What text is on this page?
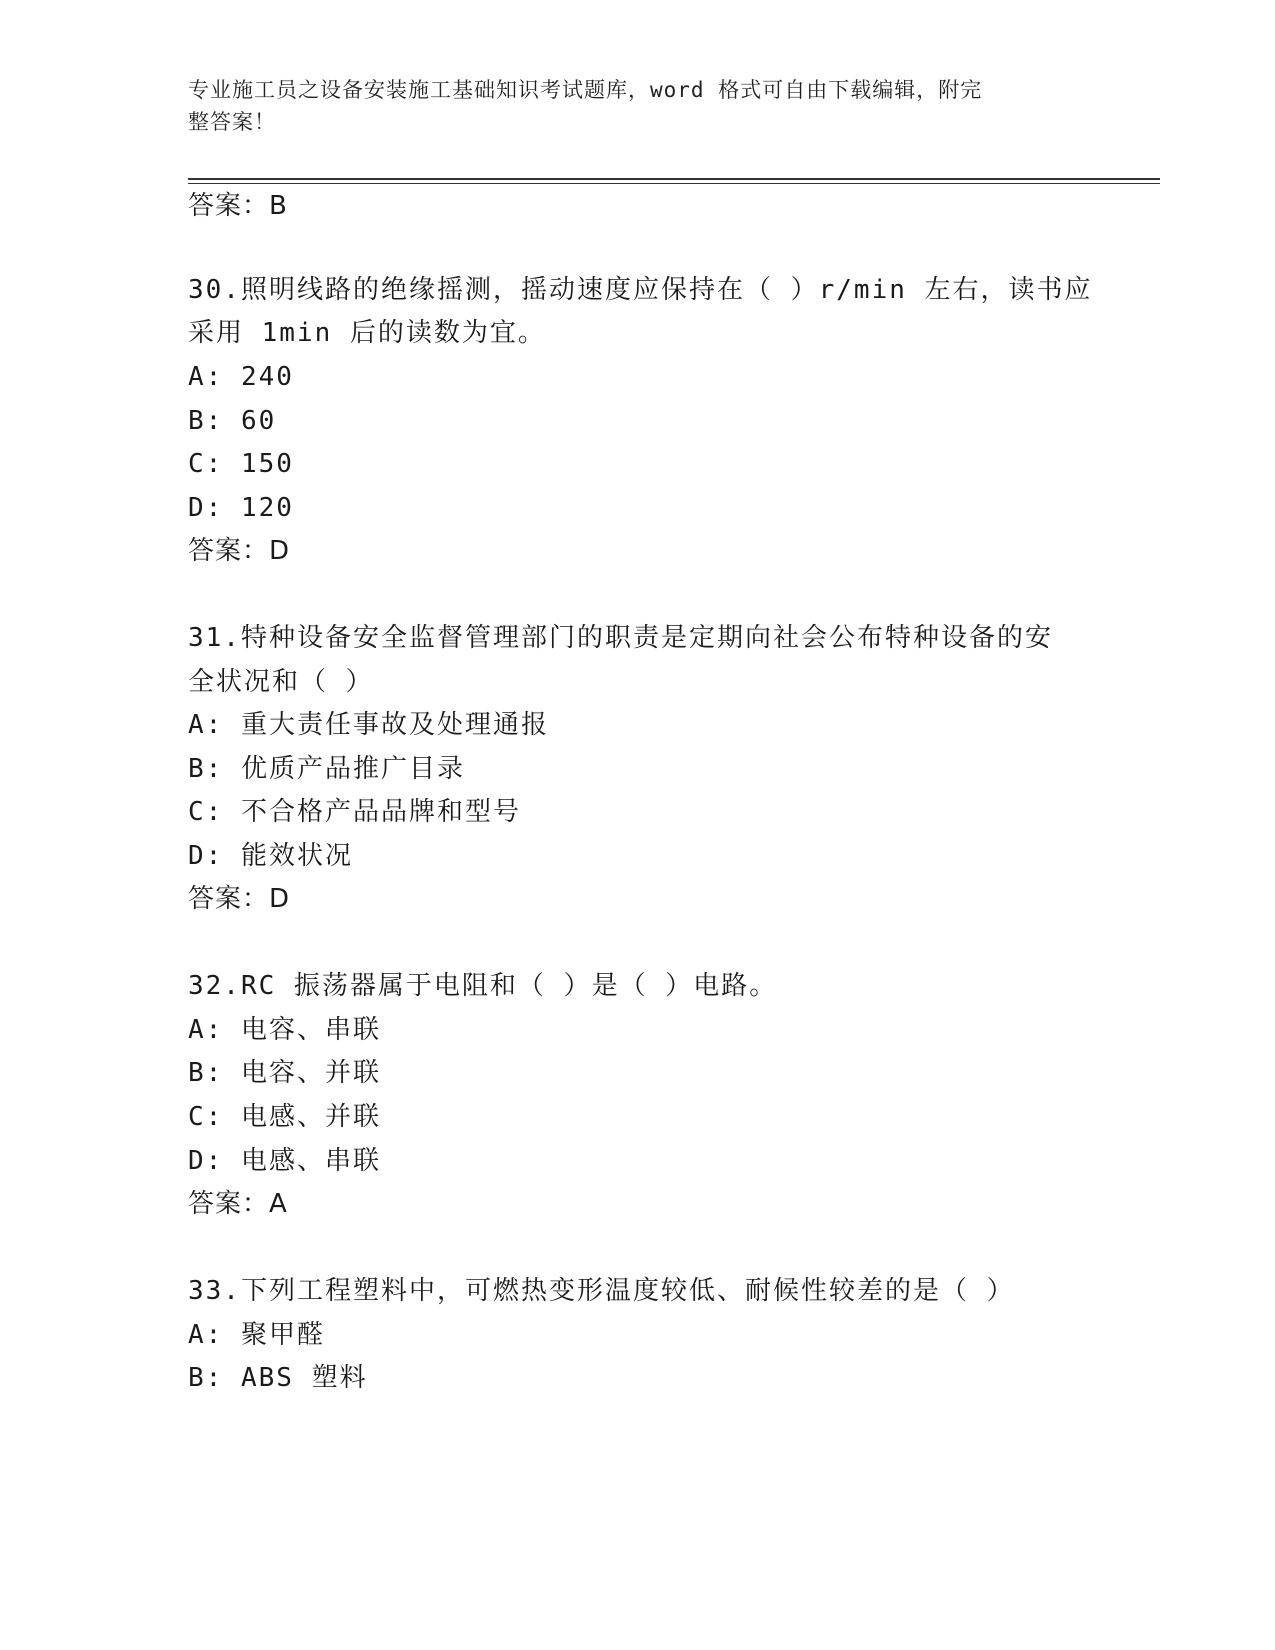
专业施工员之设备安装施工基础知识考试题库，word 格式可自由下载编辑，附完
整答案！
答案：B
30.照明线路的绝缘摇测，摇动速度应保持在（ ）r/min 左右，读书应
采用 1min 后的读数为宜。
A: 240
B: 60
C: 150
D: 120
答案：D
31.特种设备安全监督管理部门的职责是定期向社会公布特种设备的安
全状况和（ ）
A: 重大责任事故及处理通报
B: 优质产品推广目录
C: 不合格产品品牌和型号
D: 能效状况
答案：D
32.RC 振荡器属于电阻和（ ）是（ ）电路。
A: 电容、串联
B: 电容、并联
C: 电感、并联
D: 电感、串联
答案：A
33.下列工程塑料中，可燃热变形温度较低、耐候性较差的是（ ）
A: 聚甲醛
B: ABS 塑料
